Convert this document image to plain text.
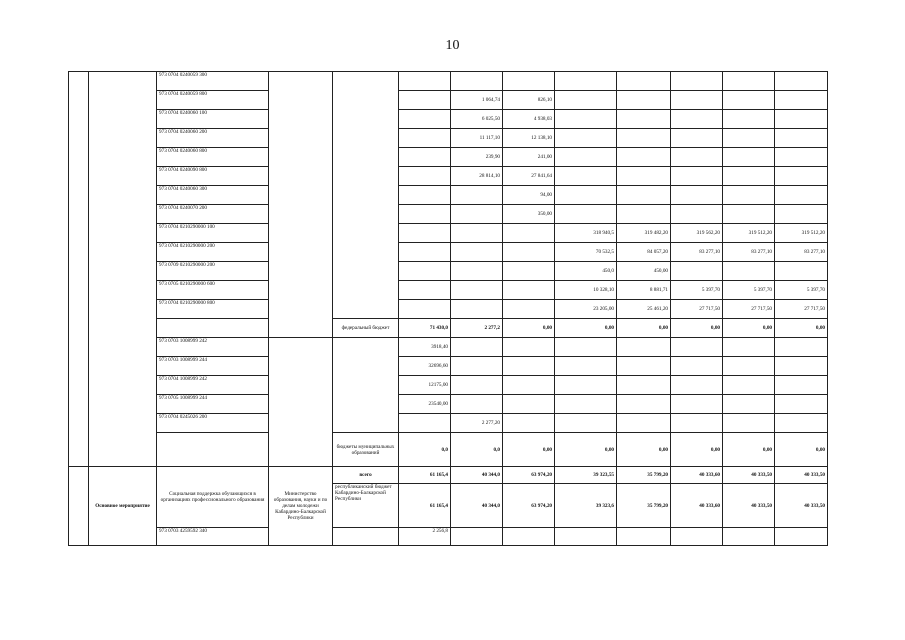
10
		973 0704 0240059 300										
		973 0704 0240059 800				1 064,74	826,10					
		973 0704 0240060 100				6 025,50	4 938,03					
		973 0704 0240060 200				11 117,10	12 138,10					
		973 0704 0240060 800				239,90	241,00					
		973 0704 0240090 800				28 814,10	27 841,64					
		973 0704 0240060 300					94,00					
		973 0704 0240070 200					350,00					
		973 0704 0210290000 100						318 940,5	319 482,20	319 562,20	319 512,20	319 512,20
		973 0704 0210290000 200						70 532,5	84 057,20	83 277,10	83 277,10	83 277,10
		973 0709 0210290000 200						450,0	450,00			
		973 0705 0210290000 600						10 328,10	8 881,71	5 397,70	5 397,70	5 397,70
		973 0704 0210290000 800						23 205,00	25 461,20	27 717,50	27 717,50	27 717,50
				федеральный бюджет	71 430,0	2 277,2	0,00	0,00	0,00	0,00	0,00	0,00
		973 0703 1008999 242			3918,40							
		973 0703 1008999 244			32696,60							
		973 0704 1008999 242			12175,00							
		973 0705 1008999 244			23540,00							
		973 0704 0245026 200				2 277,20						
				бюджеты муниципальных образований	0,0	0,0	0,00	0,00	0,00	0,00	0,00	0,00
	Основное мероприятие	Социальная поддержка обучающихся в организациях профессионального образования	Министерство образования, науки и по делам молодежи Кабардино-Балкарской Республики	всего	61 165,4	40 344,0	63 974,20	39 323,55	35 799,20	40 333,60	40 333,50	40 333,50
				республиканский бюджет Кабардино-Балкарской Республики	61 165,4	40 344,0	63 974,20	39 323,6	35 799,20	40 333,60	40 333,50	40 333,50
		973 0703 4259592 340			2 256,8							
